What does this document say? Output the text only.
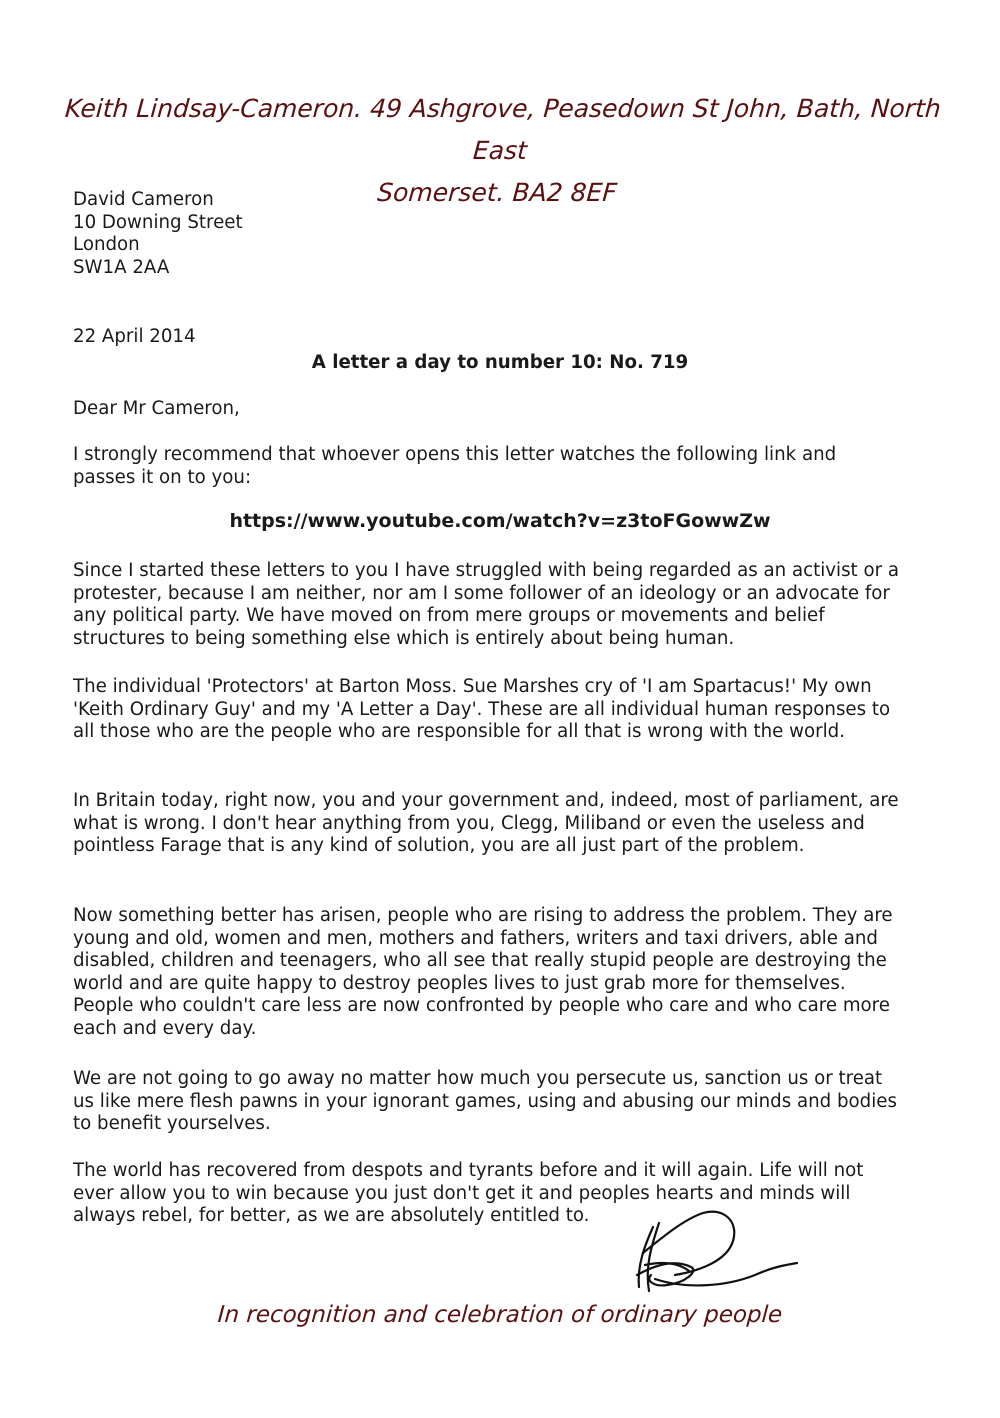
Keith Lindsay-Cameron. 49 Ashgrove, Peasedown St John, Bath, North East
Somerset. BA2 8EF
David Cameron
10 Downing Street
London
SW1A 2AA
22 April 2014
A letter a day to number 10: No. 719
Dear Mr Cameron,
I strongly recommend that whoever opens this letter watches the following link and passes it on to you:
https://www.youtube.com/watch?v=z3toFGowwZw
Since I started these letters to you I have struggled with being regarded as an activist or a protester, because I am neither, nor am I some follower of an ideology or an advocate for any political party. We have moved on from mere groups or movements and belief structures to being something else which is entirely about being human.
The individual 'Protectors' at Barton Moss. Sue Marshes cry of 'I am Spartacus!' My own 'Keith Ordinary Guy' and my 'A Letter a Day'. These are all individual human responses to all those who are the people who are responsible for all that is wrong with the world.
In Britain today, right now, you and your government and, indeed, most of parliament, are what is wrong. I don't hear anything from you, Clegg, Miliband or even the useless and pointless Farage that is any kind of solution, you are all just part of the problem.
Now something better has arisen, people who are rising to address the problem. They are young and old, women and men, mothers and fathers, writers and taxi drivers, able and disabled, children and teenagers, who all see that really stupid people are destroying the world and are quite happy to destroy peoples lives to just grab more for themselves. People who couldn't care less are now confronted by people who care and who care more each and every day.
We are not going to go away no matter how much you persecute us, sanction us or treat us like mere flesh pawns in your ignorant games, using and abusing our minds and bodies to benefit yourselves.
The world has recovered from despots and tyrants before and it will again. Life will not ever allow you to win because you just don't get it and peoples hearts and minds will always rebel, for better, as we are absolutely entitled to.
In recognition and celebration of ordinary people
